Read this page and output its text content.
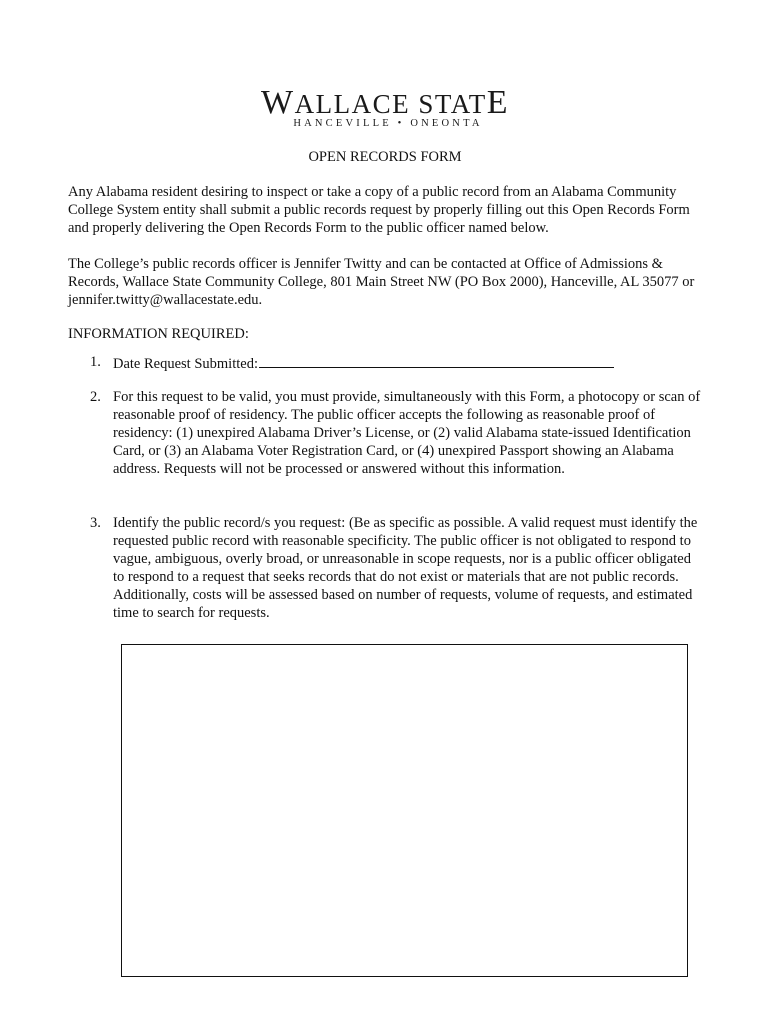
WALLACE STATE
HANCEVILLE • ONEONTA
OPEN RECORDS FORM

Any Alabama resident desiring to inspect or take a copy of a public record from an Alabama Community College System entity shall submit a public records request by properly filling out this Open Records Form and properly delivering the Open Records Form to the public officer named below.

The College’s public records officer is Jennifer Twitty and can be contacted at Office of Admissions & Records, Wallace State Community College, 801 Main Street NW (PO Box 2000), Hanceville, AL 35077 or jennifer.twitty@wallacestate.edu.

INFORMATION REQUIRED:
1. Date Request Submitted:
2. For this request to be valid, you must provide, simultaneously with this Form, a photocopy or scan of reasonable proof of residency. The public officer accepts the following as reasonable proof of residency: (1) unexpired Alabama Driver’s License, or (2) valid Alabama state-issued Identification Card, or (3) an Alabama Voter Registration Card, or (4) unexpired Passport showing an Alabama address. Requests will not be processed or answered without this information.
3. Identify the public record/s you request: (Be as specific as possible. A valid request must identify the requested public record with reasonable specificity. The public officer is not obligated to respond to vague, ambiguous, overly broad, or unreasonable in scope requests, nor is a public officer obligated to respond to a request that seeks records that do not exist or materials that are not public records. Additionally, costs will be assessed based on number of requests, volume of requests, and estimated time to search for requests.
